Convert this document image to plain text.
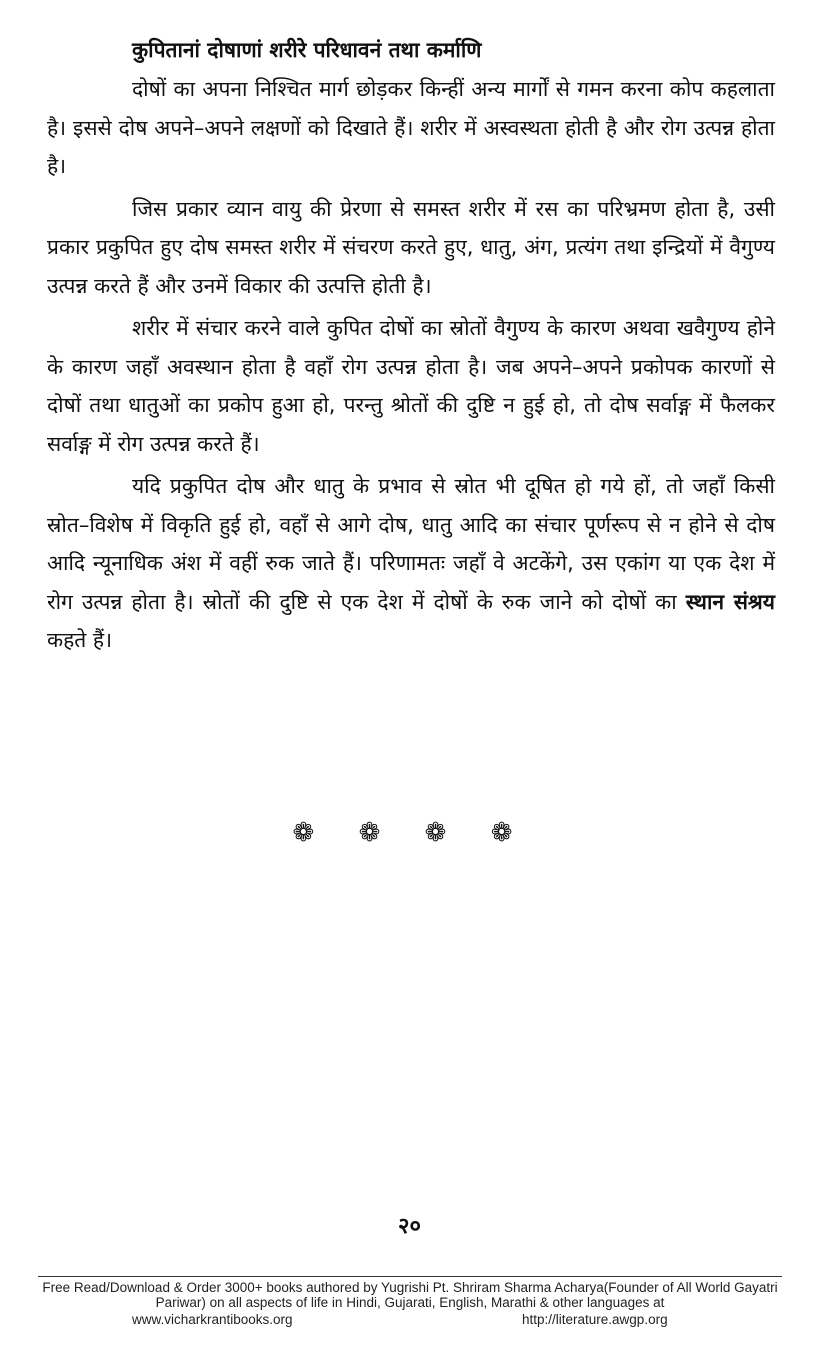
कुपितानां दोषाणां शरीरे परिधावनं तथा कर्माणि

दोषों का अपना निश्चित मार्ग छोड़कर किन्हीं अन्य मार्गों से गमन करना कोप कहलाता है। इससे दोष अपने–अपने लक्षणों को दिखाते हैं। शरीर में अस्वस्थता होती है और रोग उत्पन्न होता है।

जिस प्रकार व्यान वायु की प्रेरणा से समस्त शरीर में रस का परिभ्रमण होता है, उसी प्रकार प्रकुपित हुए दोष समस्त शरीर में संचरण करते हुए, धातु, अंग, प्रत्यंग तथा इन्द्रियों में वैगुण्य उत्पन्न करते हैं और उनमें विकार की उत्पत्ति होती है।

शरीर में संचार करने वाले कुपित दोषों का स्रोतों वैगुण्य के कारण अथवा खवैगुण्य होने के कारण जहाँ अवस्थान होता है वहाँ रोग उत्पन्न होता है। जब अपने–अपने प्रकोपक कारणों से दोषों तथा धातुओं का प्रकोप हुआ हो, परन्तु श्रोतों की दुष्टि न हुई हो, तो दोष सर्वाङ्ग में फैलकर सर्वाङ्ग में रोग उत्पन्न करते हैं।

यदि प्रकुपित दोष और धातु के प्रभाव से स्रोत भी दूषित हो गये हों, तो जहाँ किसी स्रोत–विशेष में विकृति हुई हो, वहाँ से आगे दोष, धातु आदि का संचार पूर्णरूप से न होने से दोष आदि न्यूनाधिक अंश में वहीं रुक जाते हैं। परिणामतः जहाँ वे अटकेंगे, उस एकांग या एक देश में रोग उत्पन्न होता है। स्रोतों की दुष्टि से एक देश में दोषों के रुक जाने को दोषों का स्थान संश्रय कहते हैं।

❁ ❁ ❁ ❁
२०
Free Read/Download & Order 3000+ books authored by Yugrishi Pt. Shriram Sharma Acharya(Founder of All World Gayatri Pariwar) on all aspects of life in Hindi, Gujarati, English, Marathi & other languages at
www.vicharkrantibooks.org	http://literature.awgp.org
